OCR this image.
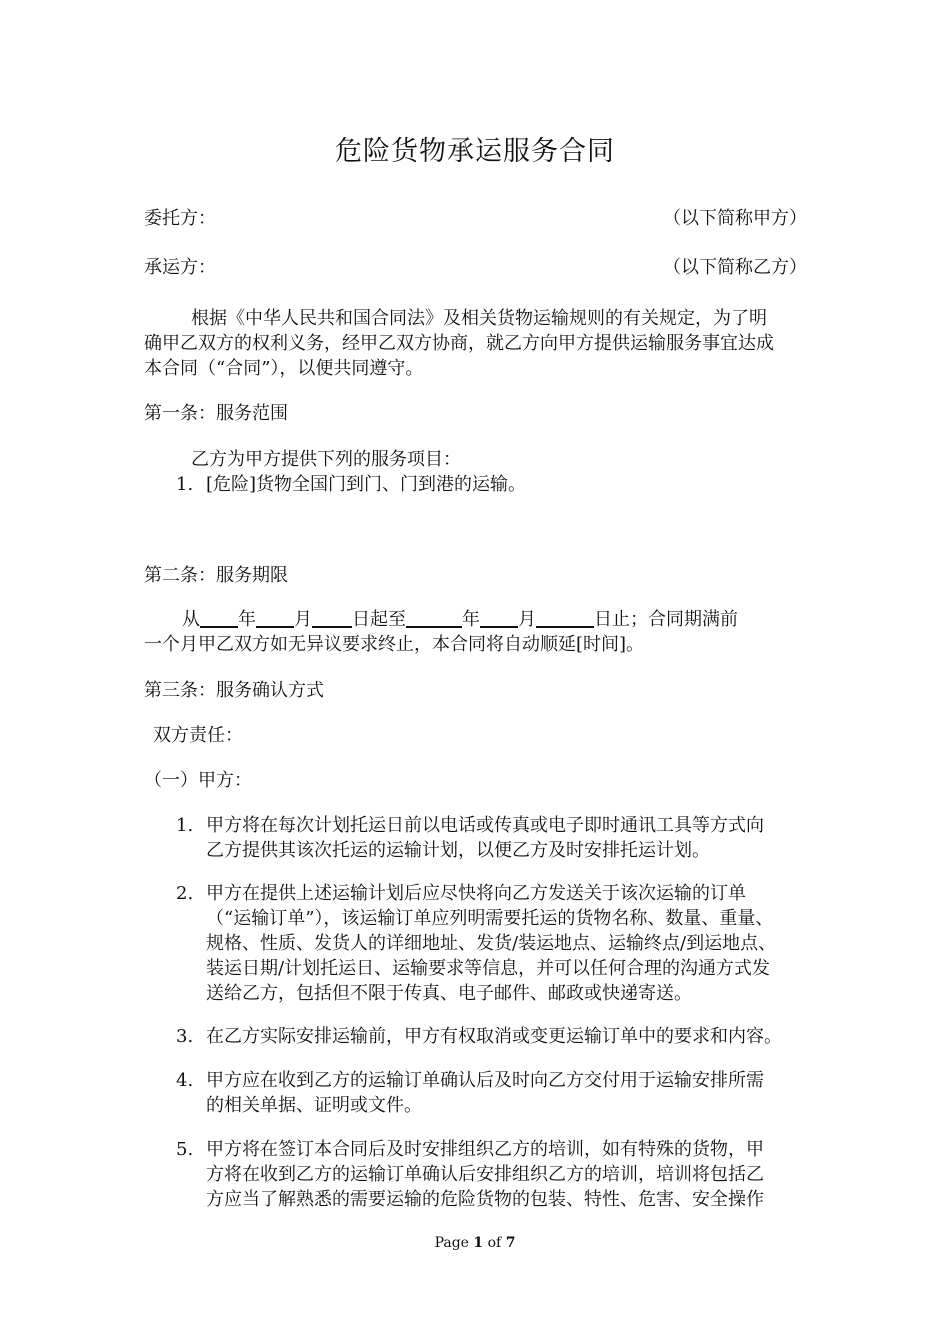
危险货物承运服务合同
委托方：	（以下简称甲方）
承运方：	（以下简称乙方）
根据《中华人民共和国合同法》及相关货物运输规则的有关规定，为了明
确甲乙双方的权利义务，经甲乙双方协商，就乙方向甲方提供运输服务事宜达成
本合同（“合同”），以便共同遵守。
第一条：服务范围
乙方为甲方提供下列的服务项目：
1. [危险]货物全国门到门、门到港的运输。
第二条：服务期限
从 年 月 日起至	年 月	日止；合同期满前
一个月甲乙双方如无异议要求终止，本合同将自动顺延[时间]。
第三条：服务确认方式
双方责任：
（一）甲方：
1. 甲方将在每次计划托运日前以电话或传真或电子即时通讯工具等方式向
乙方提供其该次托运的运输计划，以便乙方及时安排托运计划。
2. 甲方在提供上述运输计划后应尽快将向乙方发送关于该次运输的订单
（“运输订单”），该运输订单应列明需要托运的货物名称、数量、重量、
规格、性质、发货人的详细地址、发货/装运地点、运输终点/到运地点、
装运日期/计划托运日、运输要求等信息，并可以任何合理的沟通方式发
送给乙方，包括但不限于传真、电子邮件、邮政或快递寄送。
3. 在乙方实际安排运输前，甲方有权取消或变更运输订单中的要求和内容。
4. 甲方应在收到乙方的运输订单确认后及时向乙方交付用于运输安排所需
的相关单据、证明或文件。
5. 甲方将在签订本合同后及时安排组织乙方的培训，如有特殊的货物，甲
方将在收到乙方的运输订单确认后安排组织乙方的培训，培训将包括乙
方应当了解熟悉的需要运输的危险货物的包装、特性、危害、安全操作
Page 1 of 7
